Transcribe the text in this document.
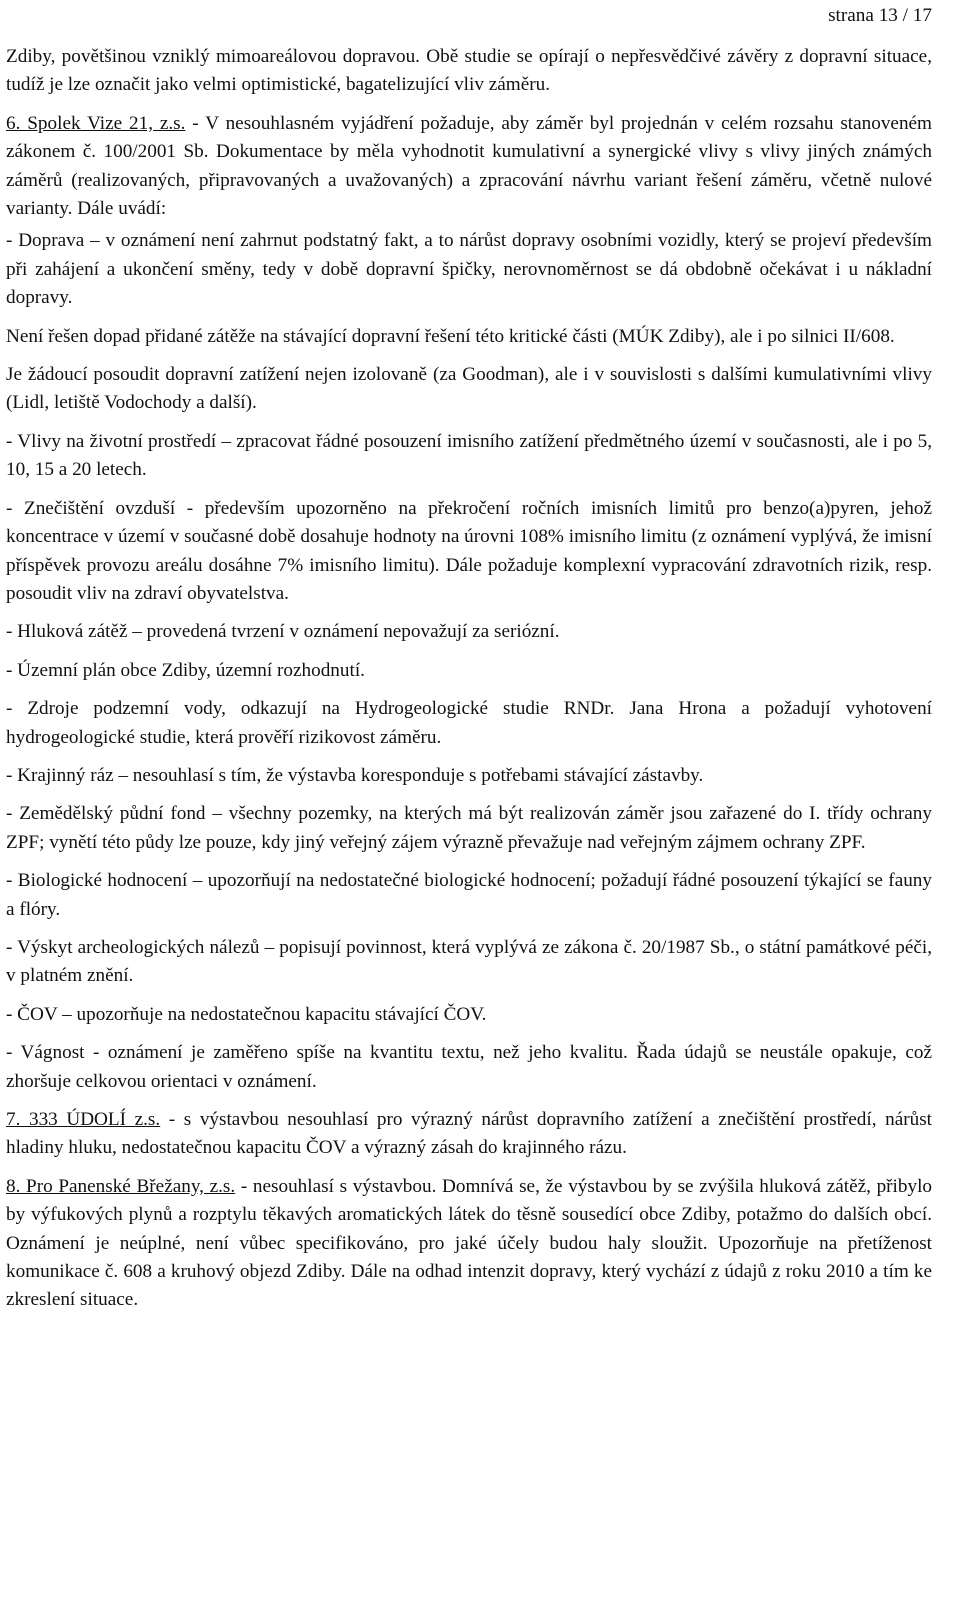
strana 13 / 17

Zdiby, povětšinou vzniklý mimoareálovou dopravou. Obě studie se opírají o nepřesvědčivé závěry z dopravní situace, tudíž je lze označit jako velmi optimistické, bagatelizující vliv záměru.

6. Spolek Vize 21, z.s. - V nesouhlasném vyjádření požaduje, aby záměr byl projednán v celém rozsahu stanoveném zákonem č. 100/2001 Sb. Dokumentace by měla vyhodnotit kumulativní a synergické vlivy s vlivy jiných známých záměrů (realizovaných, připravovaných a uvažovaných) a zpracování návrhu variant řešení záměru, včetně nulové varianty. Dále uvádí:

- Doprava – v oznámení není zahrnut podstatný fakt, a to nárůst dopravy osobními vozidly, který se projeví především při zahájení a ukončení směny, tedy v době dopravní špičky, nerovnoměrnost se dá obdobně očekávat i u nákladní dopravy.

Není řešen dopad přidané zátěže na stávající dopravní řešení této kritické části (MÚK Zdiby), ale i po silnici II/608.

Je žádoucí posoudit dopravní zatížení nejen izolovaně (za Goodman), ale i v souvislosti s dalšími kumulativními vlivy (Lidl, letiště Vodochody a další).

- Vlivy na životní prostředí – zpracovat řádné posouzení imisního zatížení předmětného území v současnosti, ale i po 5, 10, 15 a 20 letech.

- Znečištění ovzduší - především upozorněno na překročení ročních imisních limitů pro benzo(a)pyren, jehož koncentrace v území v současné době dosahuje hodnoty na úrovni 108% imisního limitu (z oznámení vyplývá, že imisní příspěvek provozu areálu dosáhne 7% imisního limitu). Dále požaduje komplexní vypracování zdravotních rizik, resp. posoudit vliv na zdraví obyvatelstva.

- Hluková zátěž – provedená tvrzení v oznámení nepovažují za seriózní.

- Územní plán obce Zdiby, územní rozhodnutí.

- Zdroje podzemní vody, odkazují na Hydrogeologické studie RNDr. Jana Hrona a požadují vyhotovení hydrogeologické studie, která prověří rizikovost záměru.

- Krajinný ráz – nesouhlasí s tím, že výstavba koresponduje s potřebami stávající zástavby.

- Zemědělský půdní fond – všechny pozemky, na kterých má být realizován záměr jsou zařazené do I. třídy ochrany ZPF; vynětí této půdy lze pouze, kdy jiný veřejný zájem výrazně převažuje nad veřejným zájmem ochrany ZPF.

- Biologické hodnocení – upozorňují na nedostatečné biologické hodnocení; požadují řádné posouzení týkající se fauny a flóry.

- Výskyt archeologických nálezů – popisují povinnost, která vyplývá ze zákona č. 20/1987 Sb., o státní památkové péči, v platném znění.

- ČOV – upozorňuje na nedostatečnou kapacitu stávající ČOV.

- Vágnost - oznámení je zaměřeno spíše na kvantitu textu, než jeho kvalitu. Řada údajů se neustále opakuje, což zhoršuje celkovou orientaci v oznámení.

7. 333 ÚDOLÍ z.s. - s výstavbou nesouhlasí pro výrazný nárůst dopravního zatížení a znečištění prostředí, nárůst hladiny hluku, nedostatečnou kapacitu ČOV a výrazný zásah do krajinného rázu.

8. Pro Panenské Břežany, z.s. - nesouhlasí s výstavbou. Domnívá se, že výstavbou by se zvýšila hluková zátěž, přibylo by výfukových plynů a rozptylu těkavých aromatických látek do těsně sousedící obce Zdiby, potažmo do dalších obcí. Oznámení je neúplné, není vůbec specifikováno, pro jaké účely budou haly sloužit. Upozorňuje na přetíženost komunikace č. 608 a kruhový objezd Zdiby. Dále na odhad intenzit dopravy, který vychází z údajů z roku 2010 a tím ke zkreslení situace.
